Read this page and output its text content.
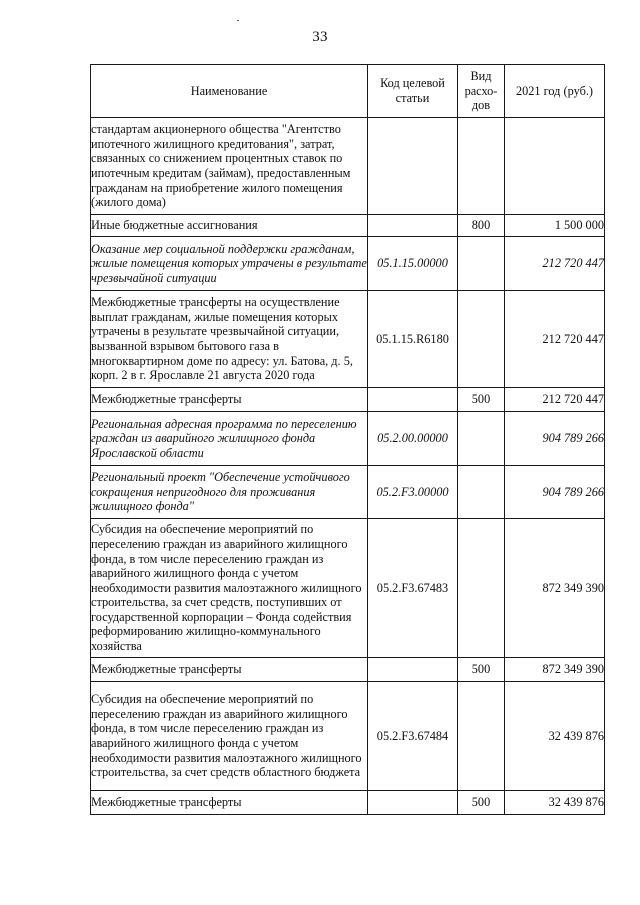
33
Наименование	Код целевой статьи	Вид расхо-дов	2021 год (руб.)
стандартам акционерного общества "Агентство ипотечного жилищного кредитования", затрат, связанных со снижением процентных ставок по ипотечным кредитам (займам), предоставленным гражданам на приобретение жилого помещения (жилого дома)			
Иные бюджетные ассигнования		800	1 500 000
Оказание мер социальной поддержки гражданам, жилые помещения которых утрачены в результате чрезвычайной ситуации	05.1.15.00000		212 720 447
Межбюджетные трансферты на осуществление выплат гражданам, жилые помещения которых утрачены в результате чрезвычайной ситуации, вызванной взрывом бытового газа в многоквартирном доме по адресу: ул. Батова, д. 5, корп. 2 в г. Ярославле 21 августа 2020 года	05.1.15.R6180		212 720 447
Межбюджетные трансферты		500	212 720 447
Региональная адресная программа по переселению граждан из аварийного жилищного фонда Ярославской области	05.2.00.00000		904 789 266
Региональный проект "Обеспечение устойчивого сокращения непригодного для проживания жилищного фонда"	05.2.F3.00000		904 789 266
Субсидия на обеспечение мероприятий по переселению граждан из аварийного жилищного фонда, в том числе переселению граждан из аварийного жилищного фонда с учетом необходимости развития малоэтажного жилищного строительства, за счет средств, поступивших от государственной корпорации – Фонда содействия реформированию жилищно-коммунального хозяйства	05.2.F3.67483		872 349 390
Межбюджетные трансферты		500	872 349 390
Субсидия на обеспечение мероприятий по переселению граждан из аварийного жилищного фонда, в том числе переселению граждан из аварийного жилищного фонда с учетом необходимости развития малоэтажного жилищного строительства, за счет средств областного бюджета	05.2.F3.67484		32 439 876
Межбюджетные трансферты		500	32 439 876
